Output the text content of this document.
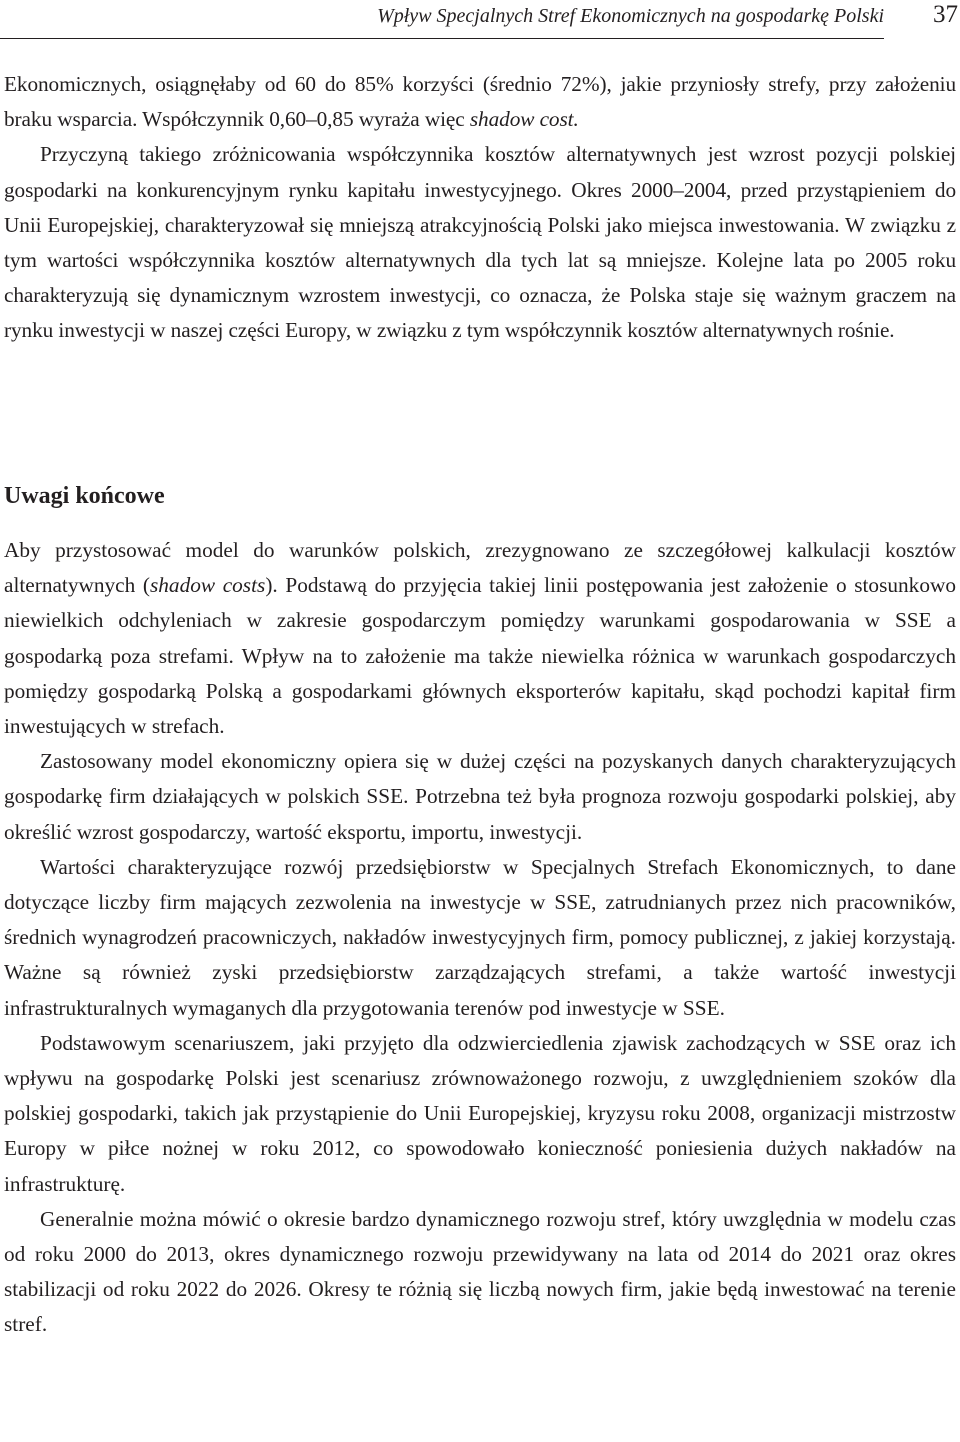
Wpływ Specjalnych Stref Ekonomicznych na gospodarkę Polski 37

Ekonomicznych, osiągnęłaby od 60 do 85% korzyści (średnio 72%), jakie przyniosły strefy, przy założeniu braku wsparcia. Współczynnik 0,60–0,85 wyraża więc shadow cost.

Przyczyną takiego zróżnicowania współczynnika kosztów alternatywnych jest wzrost pozycji polskiej gospodarki na konkurencyjnym rynku kapitału inwestycyjnego. Okres 2000–2004, przed przystąpieniem do Unii Europejskiej, charakteryzował się mniejszą atrakcyjnością Polski jako miejsca inwestowania. W związku z tym wartości współczynnika kosztów alternatywnych dla tych lat są mniejsze. Kolejne lata po 2005 roku charakteryzują się dynamicznym wzrostem inwestycji, co oznacza, że Polska staje się ważnym graczem na rynku inwestycji w naszej części Europy, w związku z tym współczynnik kosztów alternatywnych rośnie.

Uwagi końcowe

Aby przystosować model do warunków polskich, zrezygnowano ze szczegółowej kalkulacji kosztów alternatywnych (shadow costs). Podstawą do przyjęcia takiej linii postępowania jest założenie o stosunkowo niewielkich odchyleniach w zakresie gospodarczym pomiędzy warunkami gospodarowania w SSE a gospodarką poza strefami. Wpływ na to założenie ma także niewielka różnica w warunkach gospodarczych pomiędzy gospodarką Polską a gospodarkami głównych eksporterów kapitału, skąd pochodzi kapitał firm inwestujących w strefach.

Zastosowany model ekonomiczny opiera się w dużej części na pozyskanych danych charakteryzujących gospodarkę firm działających w polskich SSE. Potrzebna też była prognoza rozwoju gospodarki polskiej, aby określić wzrost gospodarczy, wartość eksportu, importu, inwestycji.

Wartości charakteryzujące rozwój przedsiębiorstw w Specjalnych Strefach Ekonomicznych, to dane dotyczące liczby firm mających zezwolenia na inwestycje w SSE, zatrudnianych przez nich pracowników, średnich wynagrodzeń pracowniczych, nakładów inwestycyjnych firm, pomocy publicznej, z jakiej korzystają. Ważne są również zyski przedsiębiorstw zarządzających strefami, a także wartość inwestycji infrastrukturalnych wymaganych dla przygotowania terenów pod inwestycje w SSE.

Podstawowym scenariuszem, jaki przyjęto dla odzwierciedlenia zjawisk zachodzących w SSE oraz ich wpływu na gospodarkę Polski jest scenariusz zrównoważonego rozwoju, z uwzględnieniem szoków dla polskiej gospodarki, takich jak przystąpienie do Unii Europejskiej, kryzysu roku 2008, organizacji mistrzostw Europy w piłce nożnej w roku 2012, co spowodowało konieczność poniesienia dużych nakładów na infrastrukturę.

Generalnie można mówić o okresie bardzo dynamicznego rozwoju stref, który uwzględnia w modelu czas od roku 2000 do 2013, okres dynamicznego rozwoju przewidywany na lata od 2014 do 2021 oraz okres stabilizacji od roku 2022 do 2026. Okresy te różnią się liczbą nowych firm, jakie będą inwestować na terenie stref.
